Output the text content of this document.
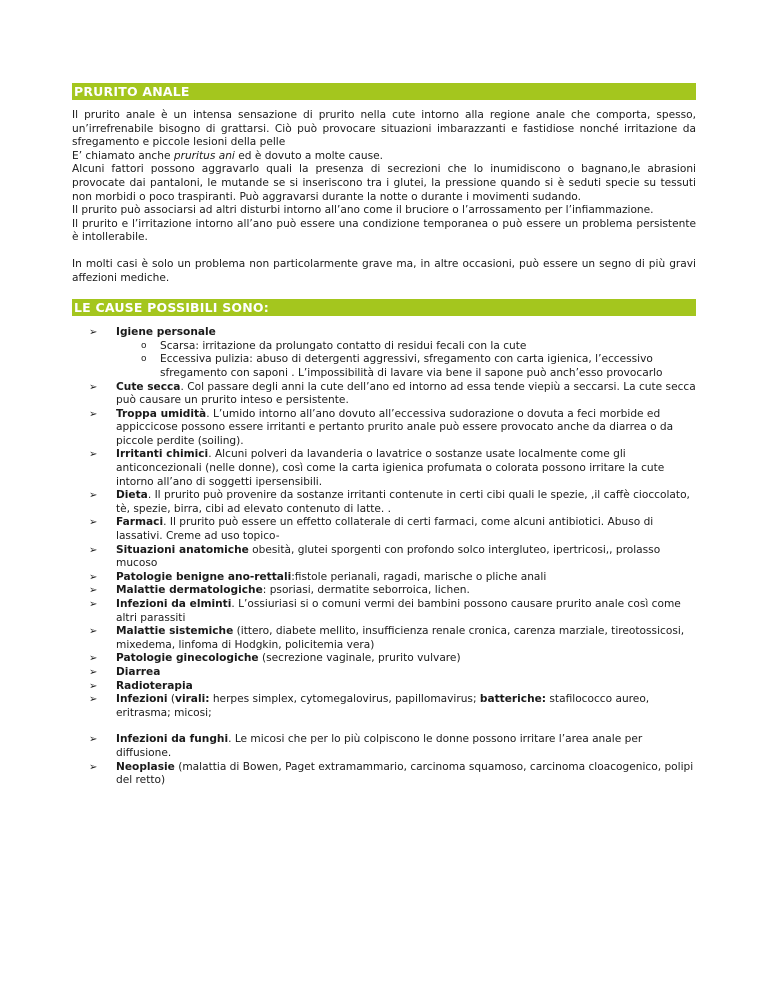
PRURITO ANALE

Il prurito anale è un intensa sensazione di prurito nella cute intorno alla regione anale che comporta, spesso, un’irrefrenabile bisogno di grattarsi. Ciò può provocare situazioni imbarazzanti e fastidiose nonché irritazione da sfregamento e piccole lesioni della pelle

E’ chiamato anche pruritus ani ed è dovuto a molte cause.

Alcuni fattori possono aggravarlo quali la presenza di secrezioni che lo inumidiscono o bagnano,le abrasioni provocate dai pantaloni, le mutande se si inseriscono tra i glutei, la pressione quando si è seduti specie su tessuti non morbidi o poco traspiranti. Può aggravarsi durante la notte o durante i movimenti sudando.

Il prurito può associarsi ad altri disturbi intorno all’ano come il bruciore o l’arrossamento per l’infiammazione.

Il prurito e l’irritazione intorno all’ano può essere una condizione temporanea o può essere un problema persistente è intollerabile.

In molti casi è solo un problema non particolarmente grave ma, in altre occasioni, può essere un segno di più gravi affezioni mediche.

LE CAUSE POSSIBILI SONO:
➢ Igiene personale
o Scarsa: irritazione da prolungato contatto di residui fecali con la cute
o Eccessiva pulizia: abuso di detergenti aggressivi, sfregamento con carta igienica, l’eccessivo sfregamento con saponi . L’impossibilità di lavare via bene il sapone può anch’esso provocarlo
➢ Cute secca. Col passare degli anni la cute dell’ano ed intorno ad essa tende viepiù a seccarsi. La cute secca può causare un prurito inteso e persistente.
➢ Troppa umidità. L’umido intorno all’ano dovuto all’eccessiva sudorazione o dovuta a feci morbide ed appiccicose possono essere irritanti e pertanto prurito anale può essere provocato anche da diarrea o da piccole perdite (soiling).
➢ Irritanti chimici. Alcuni polveri da lavanderia o lavatrice o sostanze usate localmente come gli anticoncezionali (nelle donne), così come la carta igienica profumata o colorata possono irritare la cute intorno all’ano di soggetti ipersensibili.
➢ Dieta. Il prurito può provenire da sostanze irritanti contenute in certi cibi quali le spezie, ,il caffè cioccolato, tè, spezie, birra, cibi ad elevato contenuto di latte. .
➢ Farmaci. Il prurito può essere un effetto collaterale di certi farmaci, come alcuni antibiotici. Abuso di lassativi. Creme ad uso topico-
➢ Situazioni anatomiche obesità, glutei sporgenti con profondo solco intergluteo, ipertricosi,, prolasso mucoso
➢ Patologie benigne ano-rettali:fistole perianali, ragadi, marische o pliche anali
➢ Malattie dermatologiche: psoriasi, dermatite seborroica, lichen.
➢ Infezioni da elminti. L’ossiuriasi si o comuni vermi dei bambini possono causare prurito anale così come altri parassiti
➢ Malattie sistemiche (ittero, diabete mellito, insufficienza renale cronica, carenza marziale, tireotossicosi, mixedema, linfoma di Hodgkin, policitemia vera)
➢ Patologie ginecologiche (secrezione vaginale, prurito vulvare)
➢ Diarrea
➢ Radioterapia
➢ Infezioni (virali: herpes simplex, cytomegalovirus, papillomavirus; batteriche: stafilococco aureo, eritrasma; micosi;
➢ Infezioni da funghi. Le micosi che per lo più colpiscono le donne possono irritare l’area anale per diffusione.
➢ Neoplasie (malattia di Bowen, Paget extramammario, carcinoma squamoso, carcinoma cloacogenico, polipi del retto)
